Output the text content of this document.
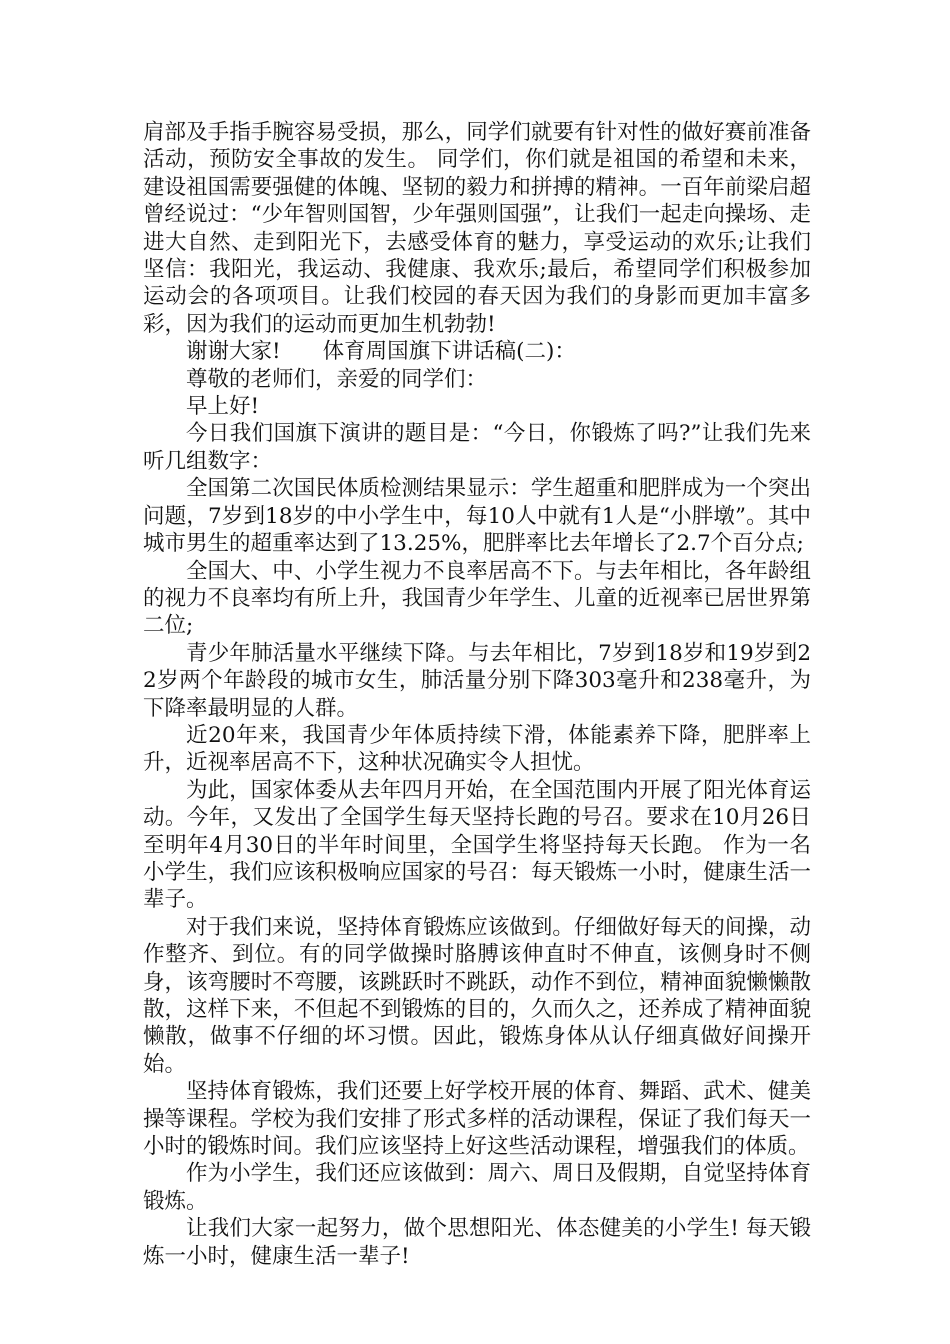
肩部及手指手腕容易受损，那么，同学们就要有针对性的做好赛前准备活动，预防安全事故的发生。 同学们，你们就是祖国的希望和未来，建设祖国需要强健的体魄、坚韧的毅力和拼搏的精神。一百年前梁启超曾经说过：“少年智则国智，少年强则国强”，让我们一起走向操场、走进大自然、走到阳光下，去感受体育的魅力，享受运动的欢乐;让我们坚信：我阳光，我运动、我健康、我欢乐;最后，希望同学们积极参加运动会的各项项目。让我们校园的春天因为我们的身影而更加丰富多彩，因为我们的运动而更加生机勃勃!

谢谢大家! 体育周国旗下讲话稿(二)：

尊敬的老师们，亲爱的同学们：

早上好!

今日我们国旗下演讲的题目是：“今日，你锻炼了吗?”让我们先来听几组数字：

全国第二次国民体质检测结果显示：学生超重和肥胖成为一个突出问题，7岁到18岁的中小学生中，每10人中就有1人是“小胖墩”。其中城市男生的超重率达到了13.25%，肥胖率比去年增长了2.7个百分点;

全国大、中、小学生视力不良率居高不下。与去年相比，各年龄组的视力不良率均有所上升，我国青少年学生、儿童的近视率已居世界第二位;

青少年肺活量水平继续下降。与去年相比，7岁到18岁和19岁到22岁两个年龄段的城市女生，肺活量分别下降303毫升和238毫升，为下降率最明显的人群。

近20年来，我国青少年体质持续下滑，体能素养下降，肥胖率上升，近视率居高不下，这种状况确实令人担忧。

为此，国家体委从去年四月开始，在全国范围内开展了阳光体育运动。今年，又发出了全国学生每天坚持长跑的号召。要求在10月26日至明年4月30日的半年时间里，全国学生将坚持每天长跑。 作为一名小学生，我们应该积极响应国家的号召：每天锻炼一小时，健康生活一辈子。

对于我们来说，坚持体育锻炼应该做到。仔细做好每天的间操，动作整齐、到位。有的同学做操时胳膊该伸直时不伸直，该侧身时不侧身，该弯腰时不弯腰，该跳跃时不跳跃，动作不到位，精神面貌懒懒散散，这样下来，不但起不到锻炼的目的，久而久之，还养成了精神面貌懒散，做事不仔细的坏习惯。因此，锻炼身体从认仔细真做好间操开始。

坚持体育锻炼，我们还要上好学校开展的体育、舞蹈、武术、健美操等课程。学校为我们安排了形式多样的活动课程，保证了我们每天一小时的锻炼时间。我们应该坚持上好这些活动课程，增强我们的体质。

作为小学生，我们还应该做到：周六、周日及假期，自觉坚持体育锻炼。

让我们大家一起努力，做个思想阳光、体态健美的小学生! 每天锻炼一小时，健康生活一辈子!
